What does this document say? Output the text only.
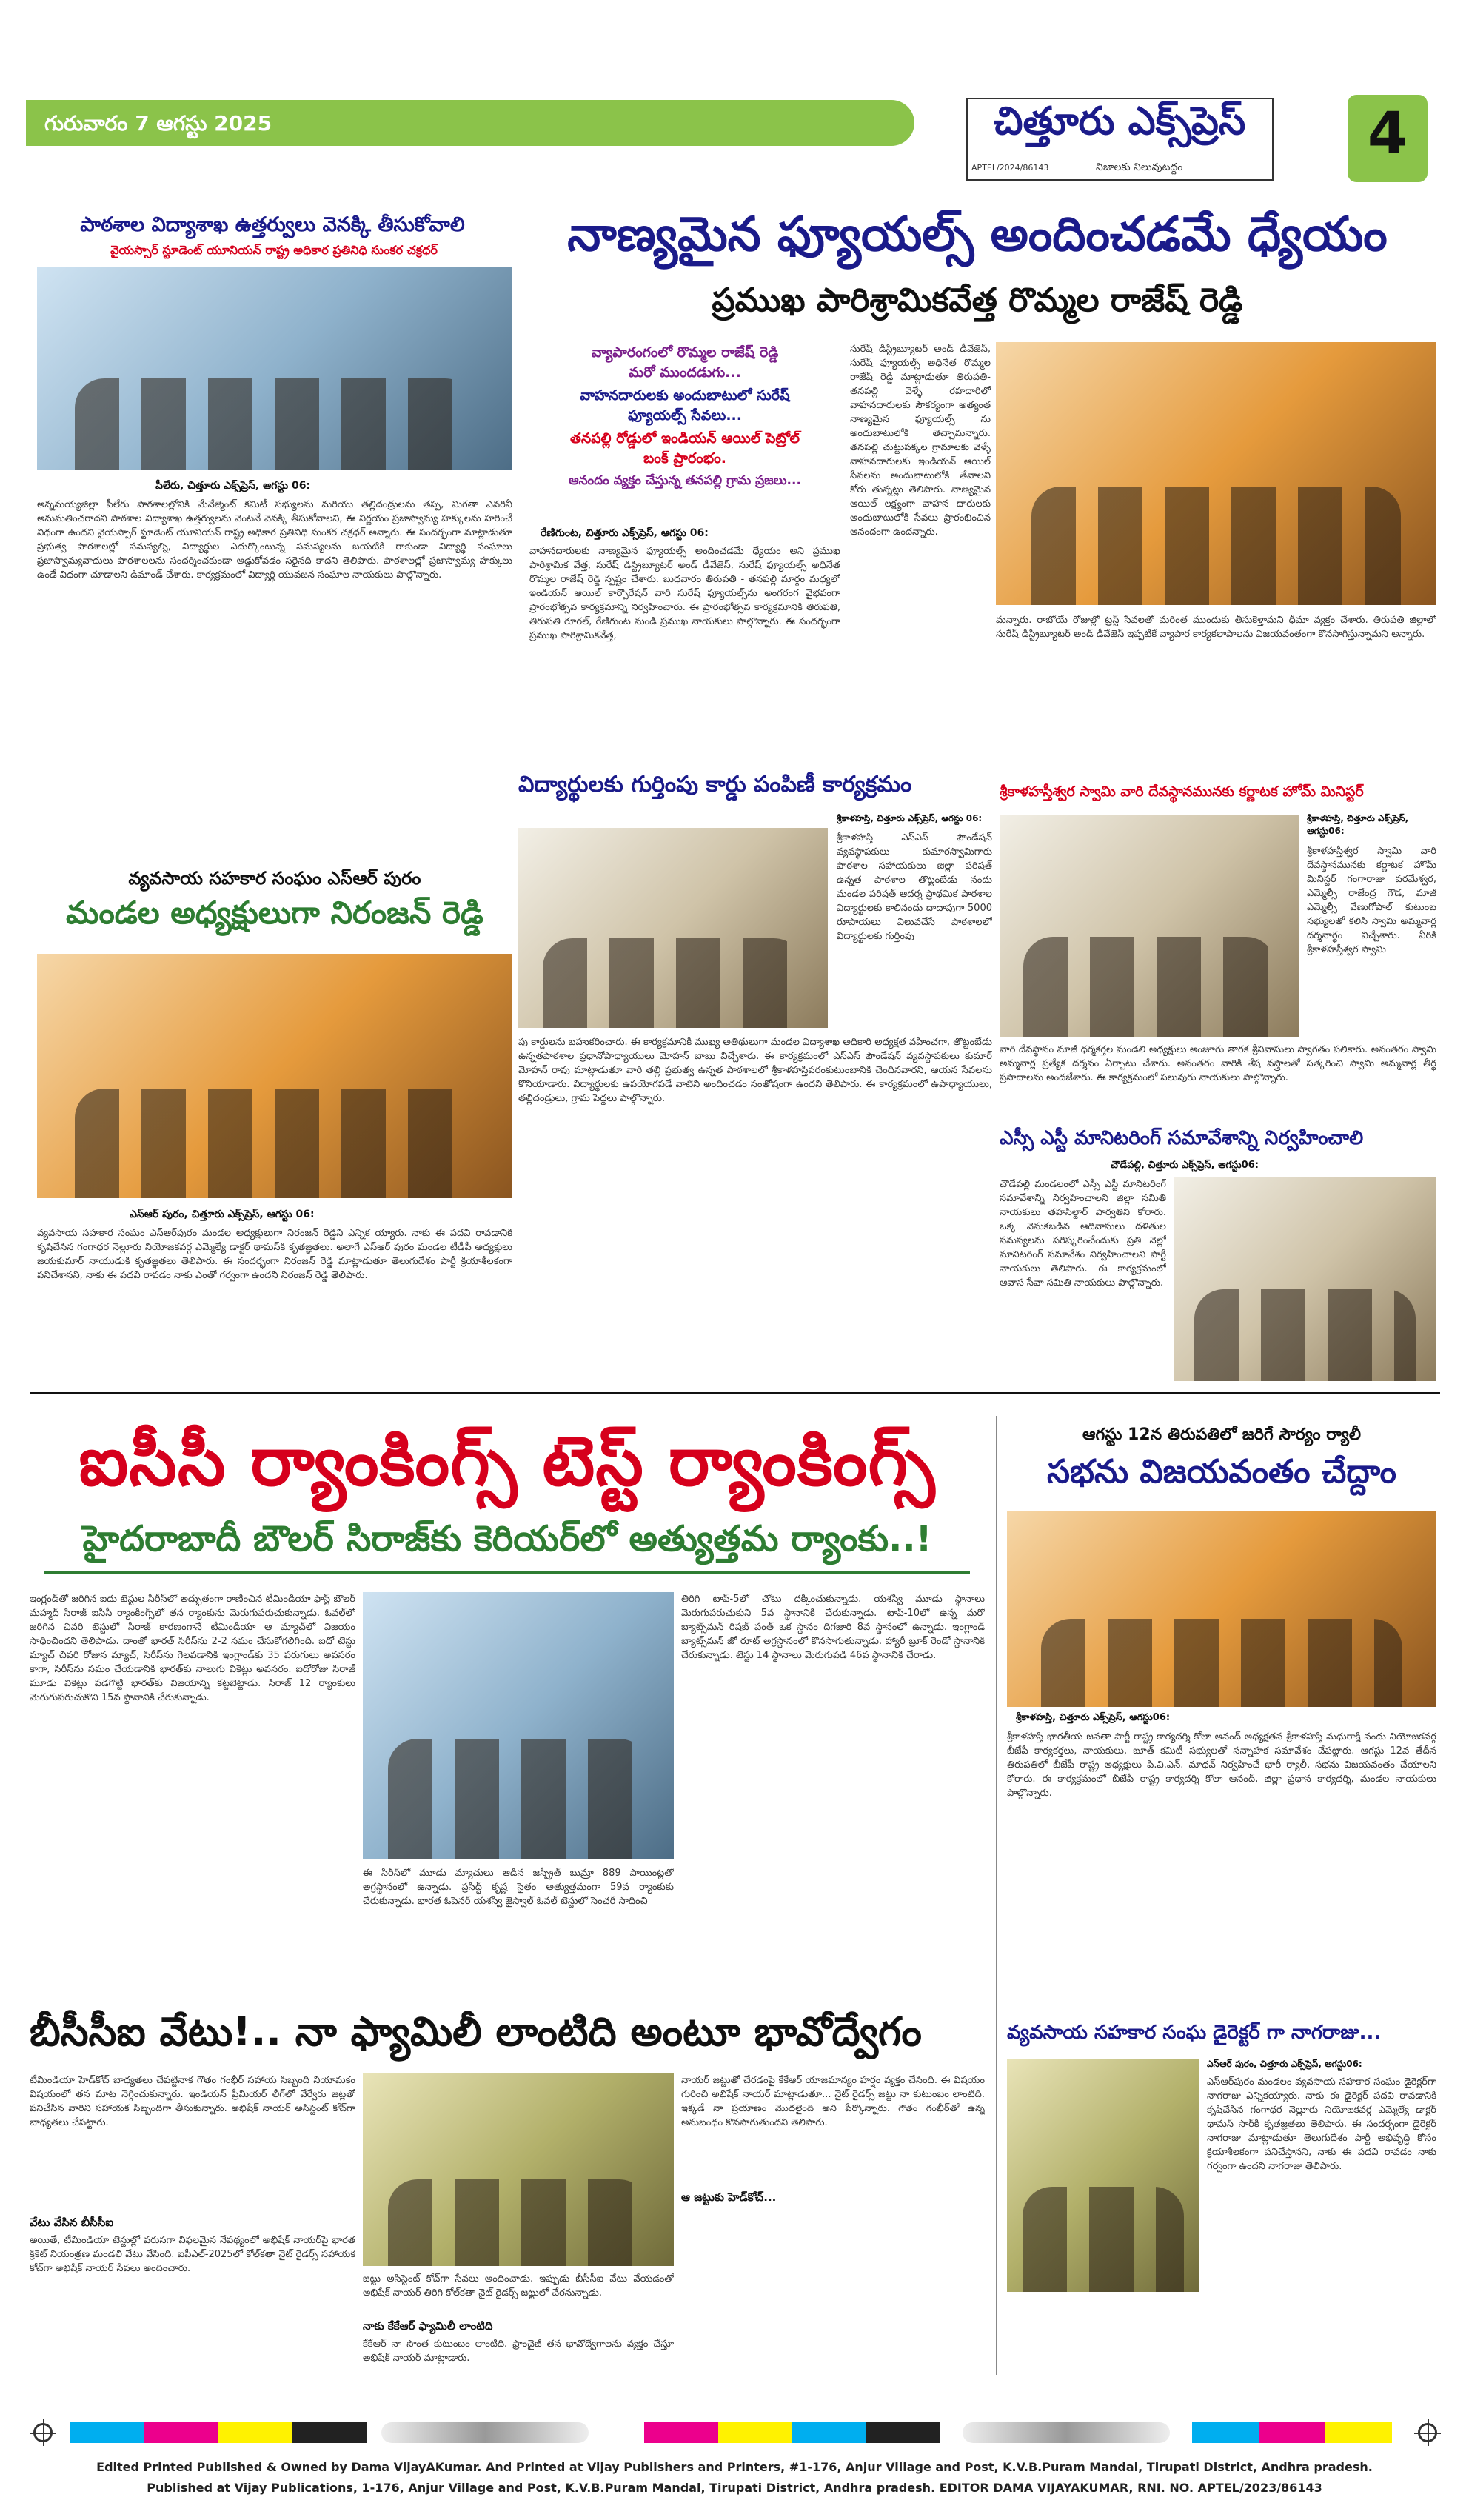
గురువారం 7 ఆగస్టు 2025	చిత్తూరు ఎక్స్‌ప్రెస్
APTEL/2024/86143	నిజాలకు నిలువుటద్దం	4
పాఠశాల విద్యాశాఖ ఉత్తర్వులు వెనక్కి తీసుకోవాలి
వైయస్సార్ స్టూడెంట్ యూనియన్ రాష్ట్ర అధికార ప్రతినిధి సుంకర చక్రధర్
పీలేరు, చిత్తూరు ఎక్స్‌ప్రెస్, ఆగస్టు 06:
అన్నమయ్యజిల్లా పీలేరు పాఠశాలల్లోనికి మేనేజ్మెంట్ కమిటీ సభ్యులను మరియు తల్లిదండ్రులను తప్ప, మిగతా ఎవరినీ అనుమతించరాదని పాఠశాల విద్యాశాఖ ఉత్తర్వులను వెంటనే వెనక్కి తీసుకోవాలని, ఈ నిర్ణయం ప్రజాస్వామ్య హక్కులను హరించే విధంగా ఉందని వైయస్సార్ స్టూడెంట్ యూనియన్ రాష్ట్ర అధికార ప్రతినిధి సుంకర చక్రధర్ అన్నారు. ఈ సందర్భంగా మాట్లాడుతూ ప్రభుత్వ పాఠశాలల్లో సమస్యల్ని, విద్యార్థుల ఎదుర్కొంటున్న సమస్యలను బయటికి రాకుండా విద్యార్థి సంఘాలు ప్రజాస్వామ్యవాదులు పాఠశాలలను సందర్శించకుండా అడ్డుకోవడం సరైనది కాదని తెలిపారు. పాఠశాలల్లో ప్రజాస్వామ్య హక్కులు ఉండే విధంగా చూడాలని డిమాండ్ చేశారు. కార్యక్రమంలో విద్యార్థి యువజన సంఘాల నాయకులు పాల్గొన్నారు.
వ్యవసాయ సహకార సంఘం ఎస్ఆర్ పురం
మండల అధ్యక్షులుగా నిరంజన్ రెడ్డి
ఎస్ఆర్ పురం, చిత్తూరు ఎక్స్‌ప్రెస్, ఆగస్టు 06:
వ్యవసాయ సహకార సంఘం ఎస్ఆర్‌పురం మండల అధ్యక్షులుగా నిరంజన్ రెడ్డిని ఎన్నిక య్యారు. నాకు ఈ పదవి రావడానికి కృషిచేసిన గంగాధర నెల్లూరు నియోజకవర్గ ఎమ్మెల్యే డాక్టర్ థామస్‌కి కృతజ్ఞతలు. అలాగే ఎస్ఆర్ పురం మండల టీడీపీ అధ్యక్షులు జయకుమార్ నాయుడుకి కృతజ్ఞతలు తెలిపారు. ఈ సందర్భంగా నిరంజన్ రెడ్డి మాట్లాడుతూ తెలుగుదేశం పార్టీ క్రియాశీలకంగా పనిచేశానని, నాకు ఈ పదవి రావడం నాకు ఎంతో గర్వంగా ఉందని నిరంజన్ రెడ్డి తెలిపారు.
నాణ్యమైన ఫ్యూయల్స్ అందించడమే ధ్యేయం
ప్రముఖ పారిశ్రామికవేత్త రొమ్మల రాజేష్ రెడ్డి
వ్యాపారంగంలో రొమ్మల రాజేష్ రెడ్డి
మరో ముందడుగు...
వాహనదారులకు అందుబాటులో సురేష్
ఫ్యూయల్స్ సేవలు...
తనపల్లి రోడ్డులో ఇండియన్ ఆయిల్ పెట్రోల్
బంక్ ప్రారంభం.
ఆనందం వ్యక్తం చేస్తున్న తనపల్లి గ్రామ ప్రజలు...
రేణిగుంట, చిత్తూరు ఎక్స్‌ప్రెస్, ఆగస్టు 06:
వాహనదారులకు నాణ్యమైన ఫ్యూయల్స్ అందించడమే ధ్యేయం అని ప్రముఖ పారిశ్రామిక వేత్త, సురేష్ డిస్ట్రిబ్యూటర్ అండ్ డీవేజెస్, సురేష్ ఫ్యూయల్స్ అధినేత రొమ్మల రాజేష్ రెడ్డి స్పష్టం చేశారు. బుధవారం తిరుపతి - తనపల్లి మార్గం మధ్యలో ఇండియన్ ఆయిల్ కార్పొరేషన్ వారి సురేష్ ఫ్యూయల్స్‌ను అంగరంగ వైభవంగా ప్రారంభోత్సవ కార్యక్రమాన్ని నిర్వహించారు. ఈ ప్రారంభోత్సవ కార్యక్రమానికి తిరుపతి, తిరుపతి రూరల్, రేణిగుంట నుండి ప్రముఖ నాయకులు పాల్గొన్నారు. ఈ సందర్భంగా ప్రముఖ పారిశ్రామికవేత్త,
సురేష్ డిస్ట్రిబ్యూటర్ అండ్ డీవేజెస్, సురేష్ ఫ్యూయల్స్ అధినేత రొమ్మల రాజేష్ రెడ్డి మాట్లాడుతూ తిరుపతి-తనపల్లి వెళ్ళే రహదారిలో వాహనదారులకు సౌకర్యంగా అత్యంత నాణ్యమైన ఫ్యూయల్స్ ను అందుబాటులోకి తెచ్చామన్నారు. తనపల్లి చుట్టుపక్కల గ్రామాలకు వెళ్ళే వాహనదారులకు ఇండియన్ ఆయిల్ సేవలను అందుబాటులోకి తేవాలని కోరు తున్నట్లు తెలిపారు. నాణ్యమైన ఆయిల్ లక్ష్యంగా వాహన దారులకు అందుబాటులోకి సేవలు ప్రారంభించిన ఆనందంగా ఉందన్నారు.
మన్నారు. రాబోయే రోజుల్లో ట్రస్ట్ సేవలతో మరింత ముందుకు తీసుకెళ్తామని ధీమా వ్యక్తం చేశారు. తిరుపతి జిల్లాలో సురేష్ డిస్ట్రిబ్యూటర్ అండ్ డీవేజెస్ ఇప్పటికే వ్యాపార కార్యకలాపాలను విజయవంతంగా కొనసాగిస్తున్నామని అన్నారు.
విద్యార్థులకు గుర్తింపు కార్డు పంపిణీ కార్యక్రమం
శ్రీకాళహస్తి, చిత్తూరు ఎక్స్‌ప్రెస్, ఆగస్టు 06:
శ్రీకాళహస్తి ఎస్ఎస్ ఫౌండేషన్ వ్యవస్థాపకులు కుమారస్వామిగారు పాఠశాల సహాయకులు జిల్లా పరిషత్ ఉన్నత పాఠశాల తొట్టంబేడు నందు మండల పరిషత్ ఆదర్శ ప్రాథమిక పాఠశాల విద్యార్థులకు కాలినందు దాదాపుగా 5000 రూపాయలు విలువచేసే పాఠశాలలో విద్యార్థులకు గుర్తింపు
పు కార్డులను బహుకరించారు. ఈ కార్యక్రమానికి ముఖ్య అతిథులుగా మండల విద్యాశాఖ అధికారి అధ్యక్షత వహించగా, తొట్టంబేడు ఉన్నతపాఠశాల ప్రధానోపాధ్యాయులు మోహన్ బాబు విచ్చేశారు. ఈ కార్యక్రమంలో ఎస్ఎస్ ఫౌండేషన్ వ్యవస్థాపకులు కుమార్ మోహన్ రావు మాట్లాడుతూ వారి తల్లి ప్రభుత్వ ఉన్నత పాఠశాలలో శ్రీకాళహస్తిపరంకుటుంబానికి చెందినవారని, ఆయన సేవలను కొనియాడారు. విద్యార్థులకు ఉపయోగపడే వాటిని అందించడం సంతోషంగా ఉందని తెలిపారు. ఈ కార్యక్రమంలో ఉపాధ్యాయులు, తల్లిదండ్రులు, గ్రామ పెద్దలు పాల్గొన్నారు.
శ్రీకాళహస్తీశ్వర స్వామి వారి దేవస్థానమునకు కర్ణాటక హోమ్ మినిస్టర్
శ్రీకాళహస్తి, చిత్తూరు ఎక్స్‌ప్రెస్, ఆగస్టు06:
శ్రీకాళహస్తీశ్వర స్వామి వారి దేవస్థానమునకు కర్ణాటక హోమ్ మినిస్టర్ గంగారాజు పరమేశ్వర, ఎమ్మెల్సీ రాజేంద్ర గౌడ, మాజీ ఎమ్మెల్సీ వేణుగోపాల్ కుటుంబ సభ్యులతో కలిసి స్వామి అమ్మవార్ల దర్శనార్థం విచ్చేశారు. వీరికి శ్రీకాళహస్తీశ్వర స్వామి
వారి దేవస్థానం మాజీ ధర్మకర్తల మండలి అధ్యక్షులు అంజూరు తారక శ్రీనివాసులు స్వాగతం పలికారు. అనంతరం స్వామి అమ్మవార్ల ప్రత్యేక దర్శనం ఏర్పాటు చేశారు. అనంతరం వారికి శేష వస్త్రాలతో సత్కరించి స్వామి అమ్మవార్ల తీర్థ ప్రసాదాలను అందజేశారు. ఈ కార్యక్రమంలో పలువురు నాయకులు పాల్గొన్నారు.
ఎస్సీ ఎస్టీ మానిటరింగ్ సమావేశాన్ని నిర్వహించాలి
చౌడేపల్లి, చిత్తూరు ఎక్స్‌ప్రెస్, ఆగస్టు06:
చౌడేపల్లి మండలంలో ఎస్సీ ఎస్టీ మానిటరింగ్ సమావేశాన్ని నిర్వహించాలని జిల్లా సమితి నాయకులు తహసిల్దార్ పార్వతిని కోరారు. ఒక్క వెనుకబడిన ఆదివాసులు దళితుల సమస్యలను పరిష్కరించేందుకు ప్రతి నెల్లో మానిటరింగ్ సమావేశం నిర్వహించాలని పార్టీ నాయకులు తెలిపారు. ఈ కార్యక్రమంలో ఆవాస సేవా సమితి నాయకులు పాల్గొన్నారు.
ఐసీసీ ర్యాంకింగ్స్ టెస్ట్ ర్యాంకింగ్స్
హైదరాబాదీ బౌలర్ సిరాజ్‌కు కెరియర్‌లో అత్యుత్తమ ర్యాంకు..!
ఇంగ్లండ్‌తో జరిగిన ఐదు టెస్టుల సిరీస్‌లో అద్భుతంగా రాణించిన టీమిండియా ఫాస్ట్ బౌలర్ మహ్మద్ సిరాజ్ ఐసీసీ ర్యాంకింగ్స్‌లో తన ర్యాంకును మెరుగుపరుచుకున్నాడు. ఓవల్‌లో జరిగిన చివరి టెస్టులో సిరాజ్ కారణంగానే టీమిండియా ఆ మ్యాచ్‌లో విజయం సాధించిందని తెలిపాడు. దాంతో భారత్ సిరీస్‌ను 2-2 సమం చేసుకోగలిగింది. ఐదో టెస్టు మ్యాచ్ చివరి రోజున మ్యాచ్, సిరీస్‌ను గెలవడానికి ఇంగ్లాండ్‌కు 35 పరుగులు అవసరం కాగా, సిరీస్‌ను సమం చేయడానికి భారత్‌కు నాలుగు వికెట్లు అవసరం. ఐదోరోజు సిరాజ్ మూడు వికెట్లు పడగొట్టి భారత్‌కు విజయాన్ని కట్టబెట్టాడు. సిరాజ్ 12 ర్యాంకులు మెరుగుపరుచుకొని 15వ స్థానానికి చేరుకున్నాడు.
ఈ సిరీస్‌లో మూడు మ్యాచులు ఆడిన జస్ప్రీత్ బుమ్రా 889 పాయింట్లతో అగ్రస్థానంలో ఉన్నాడు. ప్రసిద్ధ్ కృష్ణ సైతం అత్యుత్తమంగా 59వ ర్యాంకుకు చేరుకున్నాడు. భారత ఓపెనర్ యశస్వి జైస్వాల్ ఓవల్ టెస్టులో సెంచరీ సాధించి
తిరిగి టాప్-5లో చోటు దక్కించుకున్నాడు. యశస్వి మూడు స్థానాలు మెరుగుపరుచుకుని 5వ స్థానానికి చేరుకున్నాడు. టాప్-10లో ఉన్న మరో బ్యాట్స్‌మన్ రిషబ్ పంత్ ఒక స్థానం దిగజారి 8వ స్థానంలో ఉన్నాడు. ఇంగ్లాండ్ బ్యాట్స్‌మన్ జో రూట్ అగ్రస్థానంలో కొనసాగుతున్నాడు. హ్యారీ బ్రూక్ రెండో స్థానానికి చేరుకున్నాడు. టెస్టు 14 స్థానాలు మెరుగుపడి 46వ స్థానానికి చేరాడు.
బీసీసీఐ వేటు!.. నా ఫ్యామిలీ లాంటిది అంటూ భావోద్వేగం
టీమిండియా హెడ్‌కోచ్ బాధ్యతలు చేపట్టినాక గౌతం గంభీర్ సహాయ సిబ్బంది నియామకం విషయంలో తన మాట నెగ్గించుకున్నారు. ఇండియన్ ప్రీమియర్ లీగ్‌లో వేర్వేరు జట్లతో పనిచేసిన వారిని సహాయక సిబ్బందిగా తీసుకున్నారు. అభిషేక్ నాయర్ అసిస్టెంట్ కోచ్‌గా బాధ్యతలు చేపట్టారు.
వేటు వేసిన బీసీసీఐ
అయితే, టీమిండియా టెస్టుల్లో వరుసగా విఫలమైన నేపథ్యంలో అభిషేక్ నాయర్‌పై భారత క్రికెట్ నియంత్రణ మండలి వేటు వేసింది. ఐపీఎల్-2025లో కోల్‌కతా నైట్ రైడర్స్ సహాయక కోచ్‌గా అభిషేక్ నాయర్ సేవలు అందించారు.
జట్టు అసిస్టెంట్ కోచ్‌గా సేవలు అందించాడు. ఇప్పుడు బీసీసీఐ వేటు వేయడంతో అభిషేక్ నాయర్ తిరిగి కోల్‌కతా నైట్ రైడర్స్ జట్టులో చేరనున్నాడు.
నాకు కేకేఆర్ ఫ్యామిలీ లాంటిది
కేకేఆర్ నా సొంత కుటుంబం లాంటిది. ఫ్రాంచైజీ తన భావోద్వేగాలను వ్యక్తం చేస్తూ అభిషేక్ నాయర్ మాట్లాడారు.
ఆ జట్టుకు హెడ్‌కోచ్...
నాయర్ జట్టుతో చేరడంపై కేకేఆర్ యాజమాన్యం హర్షం వ్యక్తం చేసింది. ఈ విషయం గురించి అభిషేక్ నాయర్ మాట్లాడుతూ... నైట్ రైడర్స్ జట్టు నా కుటుంబం లాంటిది. ఇక్కడే నా ప్రయాణం మొదలైంది అని పేర్కొన్నారు. గౌతం గంభీర్‌తో ఉన్న అనుబంధం కొనసాగుతుందని తెలిపారు.
ఆగస్టు 12న తిరుపతిలో జరిగే సౌర్యం ర్యాలీ
సభను విజయవంతం చేద్దాం
శ్రీకాళహస్తి, చిత్తూరు ఎక్స్‌ప్రెస్, ఆగస్టు06:
శ్రీకాళహస్తి భారతీయ జనతా పార్టీ రాష్ట్ర కార్యదర్శి కోలా ఆనంద్ అధ్యక్షతన శ్రీకాళహస్తి మధురాక్షి నందు నియోజకవర్గ బీజేపీ కార్యకర్తలు, నాయకులు, బూత్ కమిటీ సభ్యులతో సన్నాహక సమావేశం చేపట్టారు. ఆగస్టు 12వ తేదీన తిరుపతిలో బీజేపీ రాష్ట్ర అధ్యక్షులు పి.వి.ఎన్. మాధవ్ నిర్వహించే భారీ ర్యాలీ, సభను విజయవంతం చేయాలని కోరారు. ఈ కార్యక్రమంలో బీజేపీ రాష్ట్ర కార్యదర్శి కోలా ఆనంద్, జిల్లా ప్రధాన కార్యదర్శి, మండల నాయకులు పాల్గొన్నారు.
వ్యవసాయ సహకార సంఘ డైరెక్టర్ గా నాగరాజు...
ఎస్ఆర్ పురం, చిత్తూరు ఎక్స్‌ప్రెస్, ఆగస్టు06:
ఎస్ఆర్‌పురం మండలం వ్యవసాయ సహకార సంఘం డైరెక్టర్‌గా నాగరాజు ఎన్నికయ్యారు. నాకు ఈ డైరెక్టర్ పదవి రావడానికి కృషిచేసిన గంగాధర నెల్లూరు నియోజకవర్గ ఎమ్మెల్యే డాక్టర్ థామస్ సార్‌కి కృతజ్ఞతలు తెలిపారు. ఈ సందర్భంగా డైరెక్టర్ నాగరాజు మాట్లాడుతూ తెలుగుదేశం పార్టీ అభివృద్ధి కోసం క్రియాశీలకంగా పనిచేస్తానని, నాకు ఈ పదవి రావడం నాకు గర్వంగా ఉందని నాగరాజు తెలిపారు.
Edited Printed Published & Owned by Dama VijayAKumar. And Printed at Vijay Publishers and Printers, #1-176, Anjur Village and Post, K.V.B.Puram Mandal, Tirupati District, Andhra pradesh.
Published at Vijay Publications, 1-176, Anjur Village and Post, K.V.B.Puram Mandal, Tirupati District, Andhra pradesh. EDITOR DAMA VIJAYAKUMAR, RNI. NO. APTEL/2023/86143
